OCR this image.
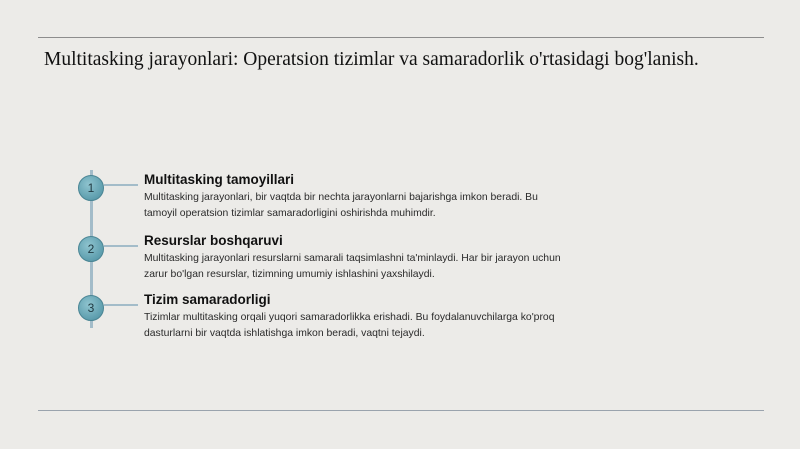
Multitasking jarayonlari: Operatsion tizimlar va samaradorlik o'rtasidagi bog'lanish.
1
Multitasking tamoyillari

Multitasking jarayonlari, bir vaqtda bir nechta jarayonlarni bajarishga imkon beradi. Bu tamoyil operatsion tizimlar samaradorligini oshirishda muhimdir.

2
Resurslar boshqaruvi

Multitasking jarayonlari resurslarni samarali taqsimlashni ta'minlaydi. Har bir jarayon uchun zarur bo'lgan resurslar, tizimning umumiy ishlashini yaxshilaydi.

3
Tizim samaradorligi

Tizimlar multitasking orqali yuqori samaradorlikka erishadi. Bu foydalanuvchilarga ko'proq dasturlarni bir vaqtda ishlatishga imkon beradi, vaqtni tejaydi.
